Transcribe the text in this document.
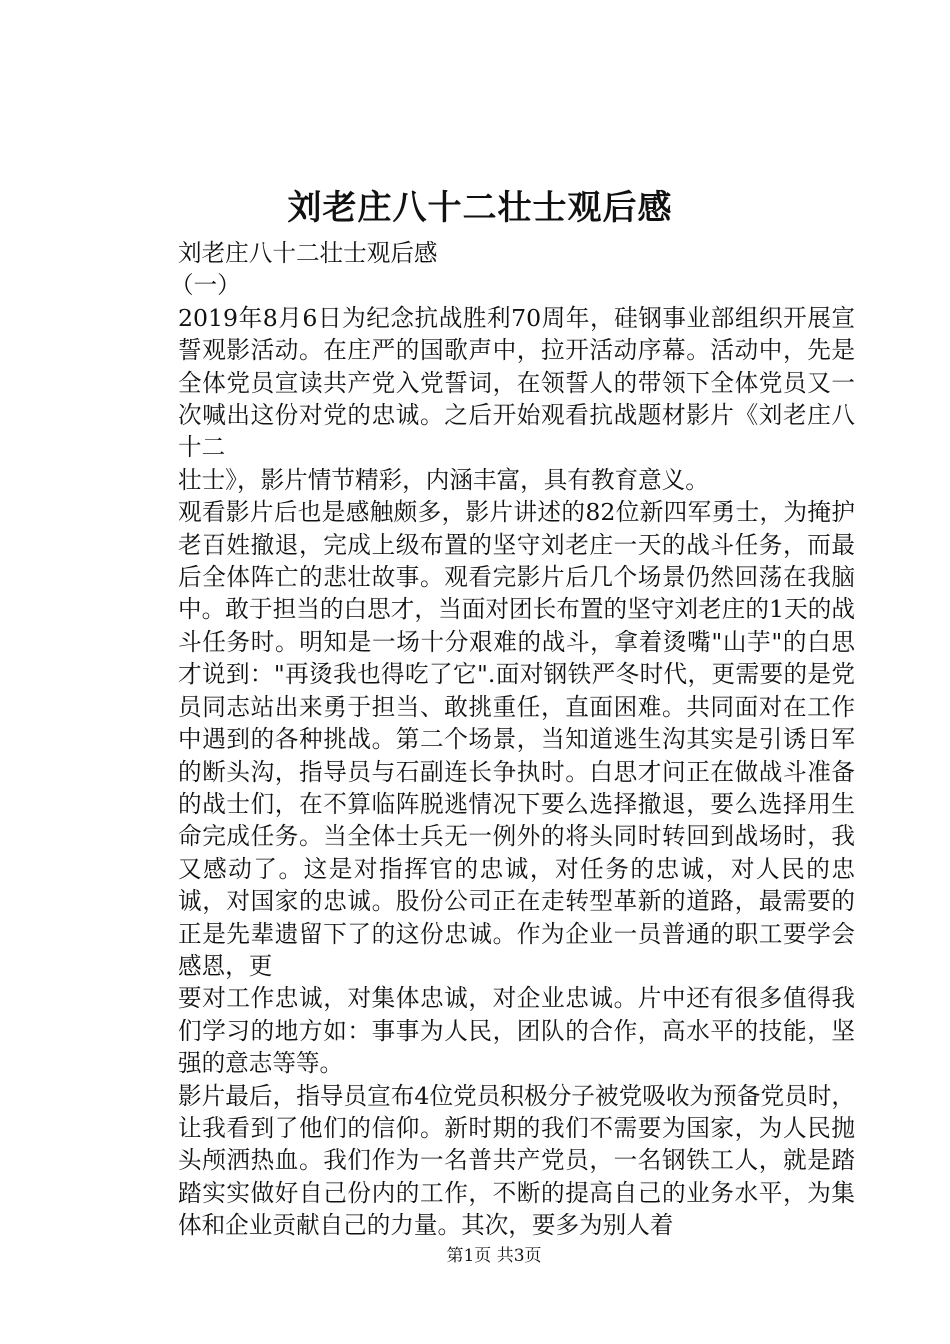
刘老庄八十二壮士观后感

刘老庄八十二壮士观后感

（一）

2019年8月6日为纪念抗战胜利70周年，硅钢事业部组织开展宣誓观影活动。在庄严的国歌声中，拉开活动序幕。活动中，先是全体党员宣读共产党入党誓词，在领誓人的带领下全体党员又一次喊出这份对党的忠诚。之后开始观看抗战题材影片《刘老庄八十二

壮士》，影片情节精彩，内涵丰富，具有教育意义。

观看影片后也是感触颇多，影片讲述的82位新四军勇士，为掩护老百姓撤退，完成上级布置的坚守刘老庄一天的战斗任务，而最后全体阵亡的悲壮故事。观看完影片后几个场景仍然回荡在我脑中。敢于担当的白思才，当面对团长布置的坚守刘老庄的1天的战斗任务时。明知是一场十分艰难的战斗，拿着烫嘴"山芋"的白思才说到："再烫我也得吃了它".面对钢铁严冬时代，更需要的是党员同志站出来勇于担当、敢挑重任，直面困难。共同面对在工作中遇到的各种挑战。第二个场景，当知道逃生沟其实是引诱日军的断头沟，指导员与石副连长争执时。白思才问正在做战斗准备的战士们，在不算临阵脱逃情况下要么选择撤退，要么选择用生命完成任务。当全体士兵无一例外的将头同时转回到战场时，我又感动了。这是对指挥官的忠诚，对任务的忠诚，对人民的忠诚，对国家的忠诚。股份公司正在走转型革新的道路，最需要的正是先辈遗留下了的这份忠诚。作为企业一员普通的职工要学会感恩，更

要对工作忠诚，对集体忠诚，对企业忠诚。片中还有很多值得我们学习的地方如：事事为人民，团队的合作，高水平的技能，坚强的意志等等。

影片最后，指导员宣布4位党员积极分子被党吸收为预备党员时，让我看到了他们的信仰。新时期的我们不需要为国家，为人民抛头颅洒热血。我们作为一名普共产党员，一名钢铁工人，就是踏踏实实做好自己份内的工作，不断的提高自己的业务水平，为集体和企业贡献自己的力量。其次，要多为别人着

第1页 共3页
